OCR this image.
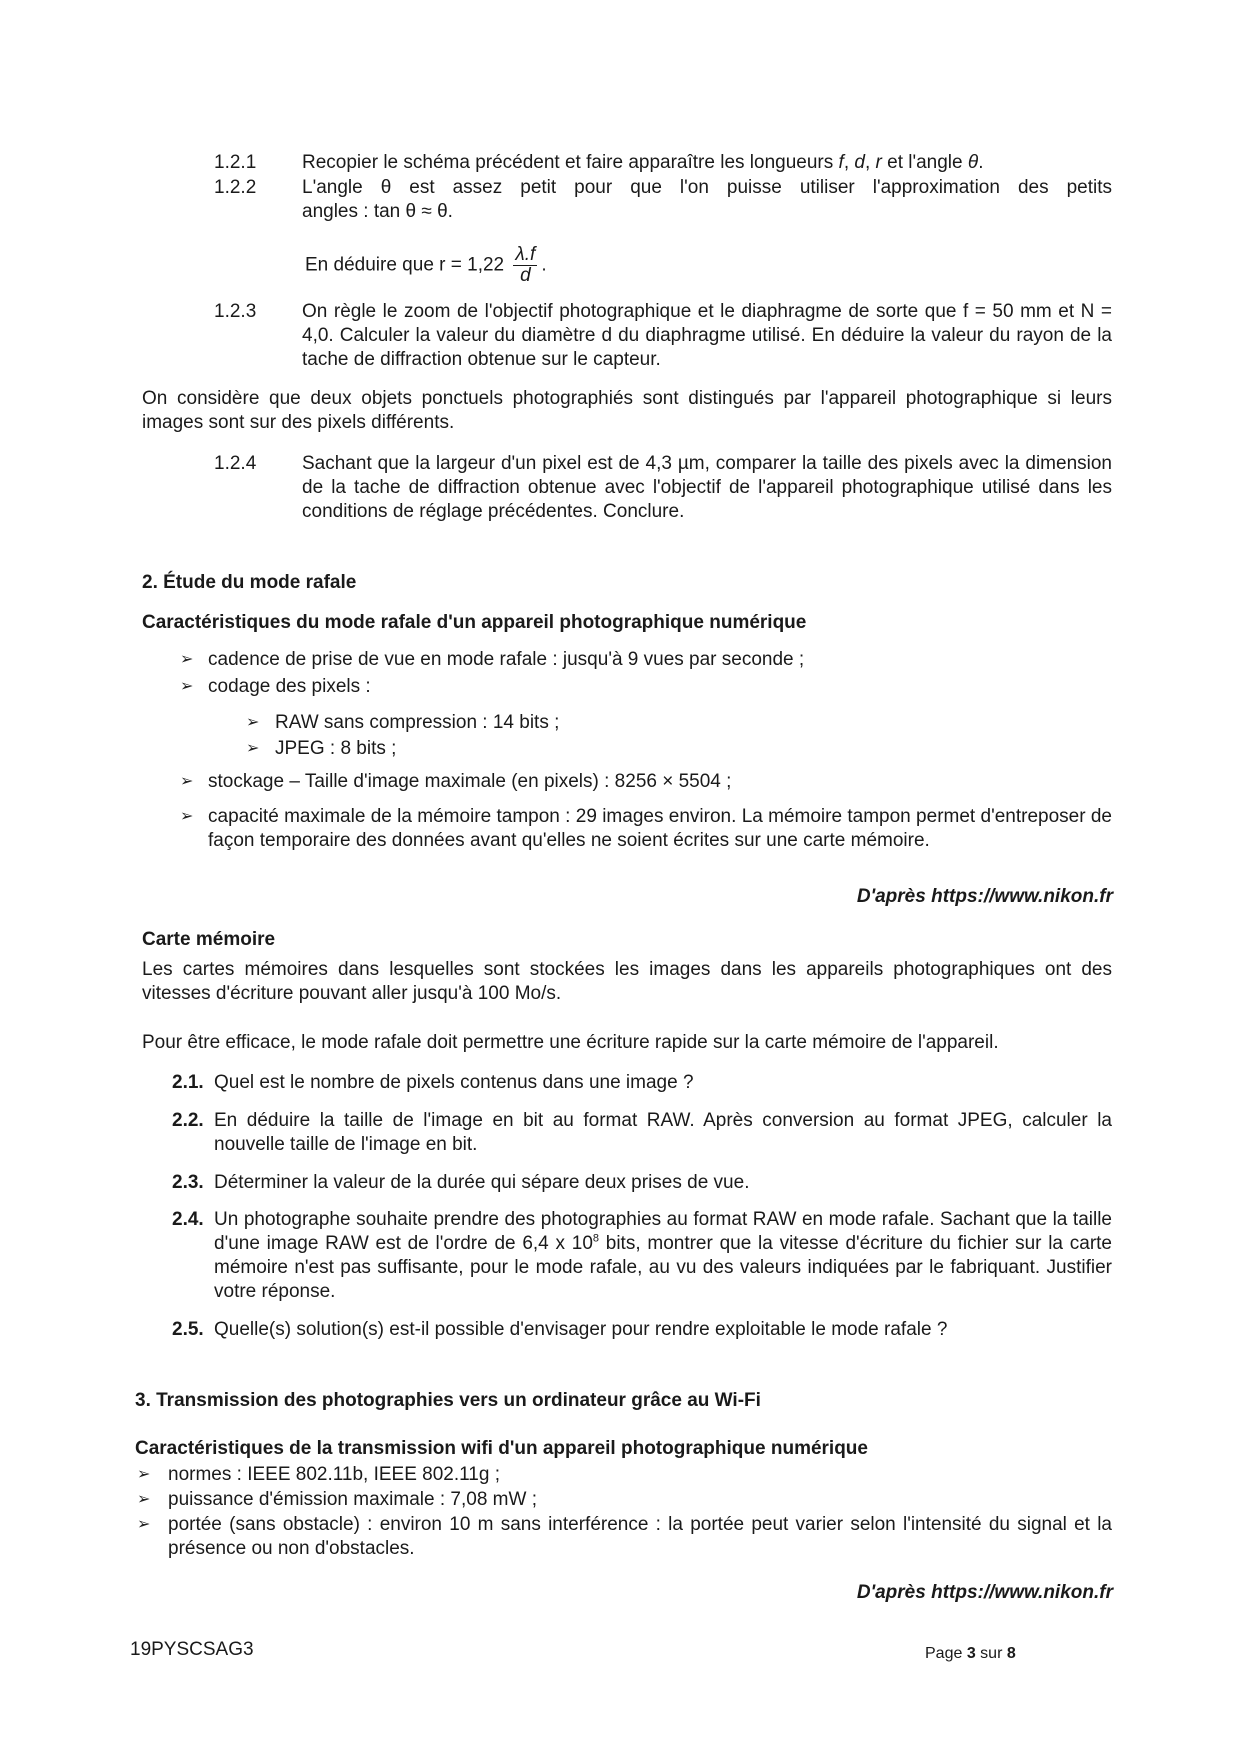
1.2.1 Recopier le schéma précédent et faire apparaître les longueurs f, d, r et l'angle θ.
1.2.2 L'angle θ est assez petit pour que l'on puisse utiliser l'approximation des petits
angles : tan θ ≈ θ.
En déduire que $r = 1,22 \frac{\lambda.f}{d}$ .
1.2.3 On règle le zoom de l'objectif photographique et le diaphragme de sorte que f = 50 mm et N = 4,0. Calculer la valeur du diamètre d du diaphragme utilisé. En déduire la valeur du rayon de la tache de diffraction obtenue sur le capteur.
On considère que deux objets ponctuels photographiés sont distingués par l'appareil photographique si leurs images sont sur des pixels différents.
1.2.4 Sachant que la largeur d'un pixel est de 4,3 µm, comparer la taille des pixels avec la dimension de la tache de diffraction obtenue avec l'objectif de l'appareil photographique utilisé dans les conditions de réglage précédentes. Conclure.
2. Étude du mode rafale
Caractéristiques du mode rafale d'un appareil photographique numérique
➢ cadence de prise de vue en mode rafale : jusqu'à 9 vues par seconde ;
➢ codage des pixels :
➢ RAW sans compression : 14 bits ;
➢ JPEG : 8 bits ;
➢ stockage – Taille d'image maximale (en pixels) : 8256 × 5504 ;
➢ capacité maximale de la mémoire tampon : 29 images environ. La mémoire tampon permet d'entreposer de façon temporaire des données avant qu'elles ne soient écrites sur une carte mémoire.
D'après https://www.nikon.fr
Carte mémoire
Les cartes mémoires dans lesquelles sont stockées les images dans les appareils photographiques ont des vitesses d'écriture pouvant aller jusqu'à 100 Mo/s.
Pour être efficace, le mode rafale doit permettre une écriture rapide sur la carte mémoire de l'appareil.
2.1. Quel est le nombre de pixels contenus dans une image ?
2.2. En déduire la taille de l'image en bit au format RAW. Après conversion au format JPEG, calculer la nouvelle taille de l'image en bit.
2.3. Déterminer la valeur de la durée qui sépare deux prises de vue.
2.4. Un photographe souhaite prendre des photographies au format RAW en mode rafale. Sachant que la taille d'une image RAW est de l'ordre de 6,4 x $10^8$ bits, montrer que la vitesse d'écriture du fichier sur la carte mémoire n'est pas suffisante, pour le mode rafale, au vu des valeurs indiquées par le fabriquant. Justifier votre réponse.
2.5. Quelle(s) solution(s) est-il possible d'envisager pour rendre exploitable le mode rafale ?
3. Transmission des photographies vers un ordinateur grâce au Wi-Fi
Caractéristiques de la transmission wifi d'un appareil photographique numérique
➢ normes : IEEE 802.11b, IEEE 802.11g ;
➢ puissance d'émission maximale : 7,08 mW ;
➢ portée (sans obstacle) : environ 10 m sans interférence : la portée peut varier selon l'intensité du signal et la présence ou non d'obstacles.
D'après https://www.nikon.fr
19PYSCSAG3	Page 3 sur 8
